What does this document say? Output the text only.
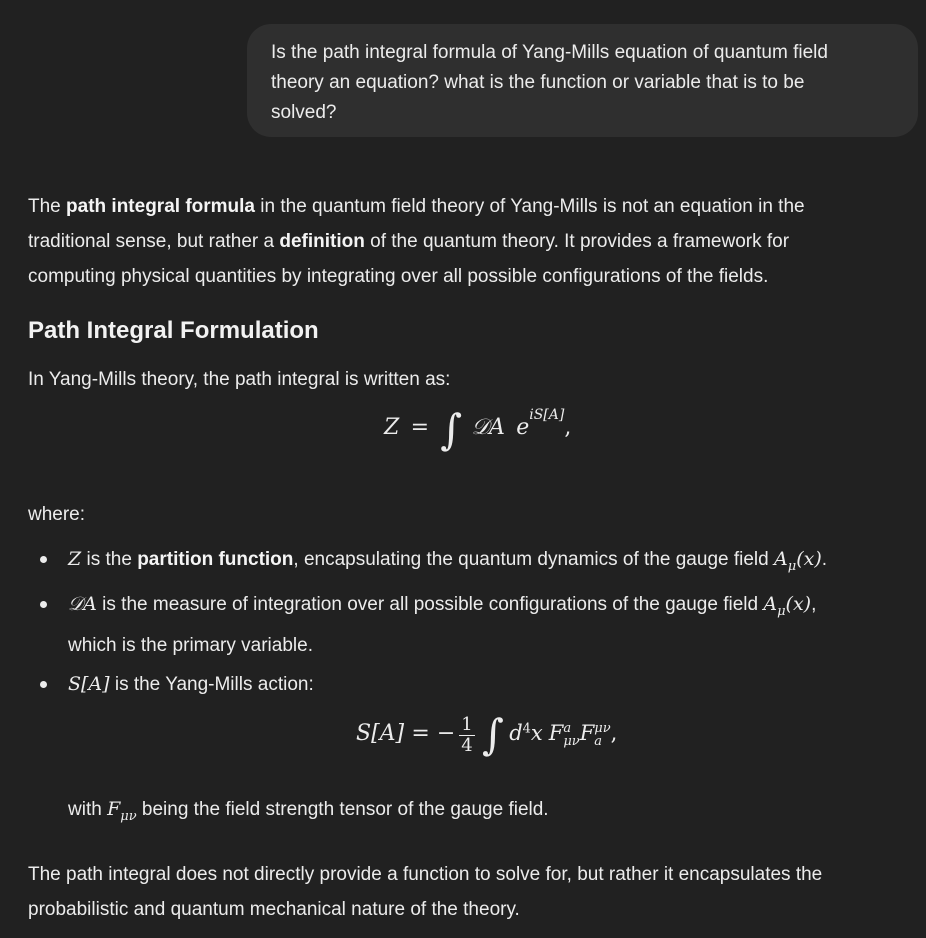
Is the path integral formula of Yang-Mills equation of quantum field
theory an equation? what is the function or variable that is to be
solved?

The path integral formula in the quantum field theory of Yang-Mills is not an equation in the
traditional sense, but rather a definition of the quantum theory. It provides a framework for
computing physical quantities by integrating over all possible configurations of the fields.

Path Integral Formulation

In Yang-Mills theory, the path integral is written as:

Z = ∫ 𝒟A $e^{iS[A]}$,

where:

Z is the partition function, encapsulating the quantum dynamics of the gauge field $A_\mu(x)$.
𝒟A is the measure of integration over all possible configurations of the gauge field $A_\mu(x)$,
which is the primary variable.
S[A] is the Yang-Mills action:
S[A] = − $\frac{1}{4}$ ∫ $d^4x$ F a
μν F μν
a ,

with $F_{\mu\nu}$ being the field strength tensor of the gauge field.

The path integral does not directly provide a function to solve for, but rather it encapsulates the
probabilistic and quantum mechanical nature of the theory.
